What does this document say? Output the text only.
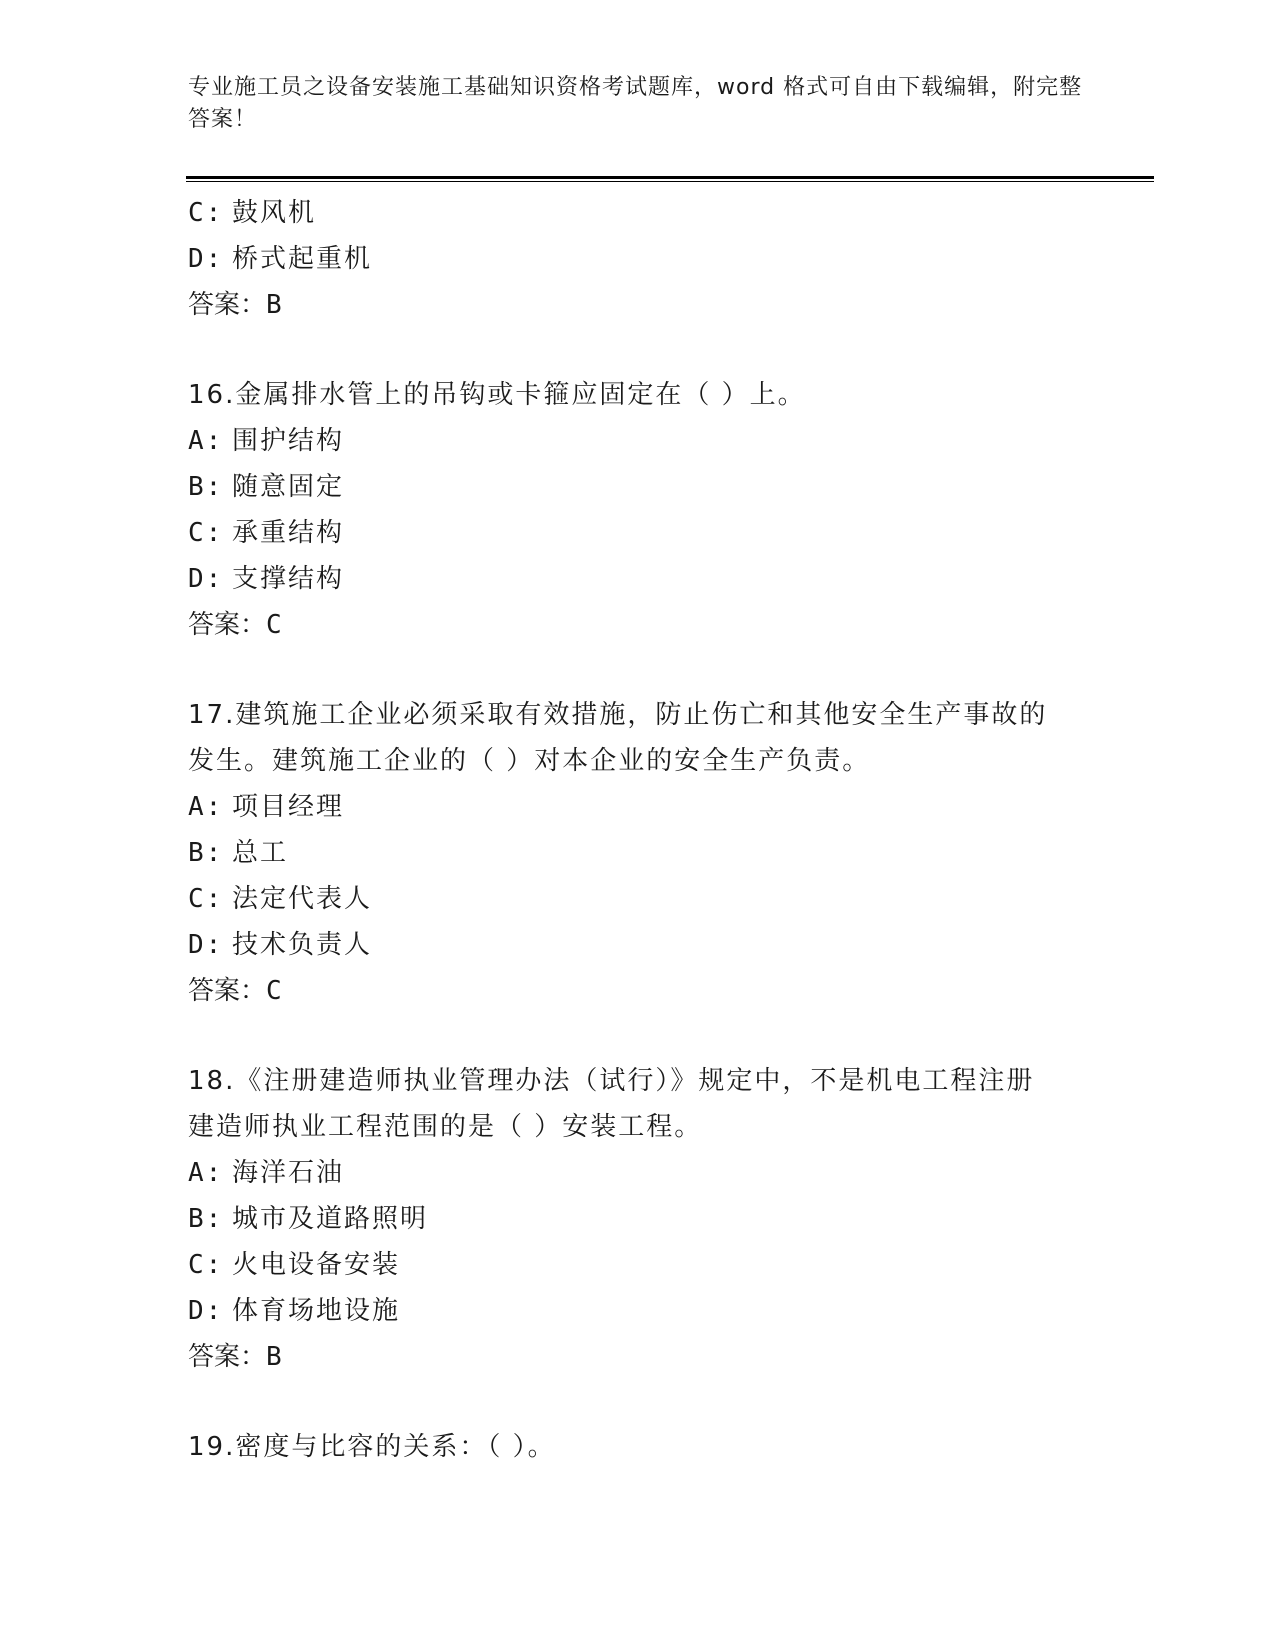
专业施工员之设备安装施工基础知识资格考试题库，word 格式可自由下载编辑，附完整答案！
C: 鼓风机
D: 桥式起重机
答案：B
16.金属排水管上的吊钩或卡箍应固定在（ ）上。
A: 围护结构
B: 随意固定
C: 承重结构
D: 支撑结构
答案：C
17.建筑施工企业必须采取有效措施，防止伤亡和其他安全生产事故的
发生。建筑施工企业的（ ）对本企业的安全生产负责。
A: 项目经理
B: 总工
C: 法定代表人
D: 技术负责人
答案：C
18.《注册建造师执业管理办法（试行）》规定中，不是机电工程注册
建造师执业工程范围的是（ ）安装工程。
A: 海洋石油
B: 城市及道路照明
C: 火电设备安装
D: 体育场地设施
答案：B
19.密度与比容的关系：（ ）。
